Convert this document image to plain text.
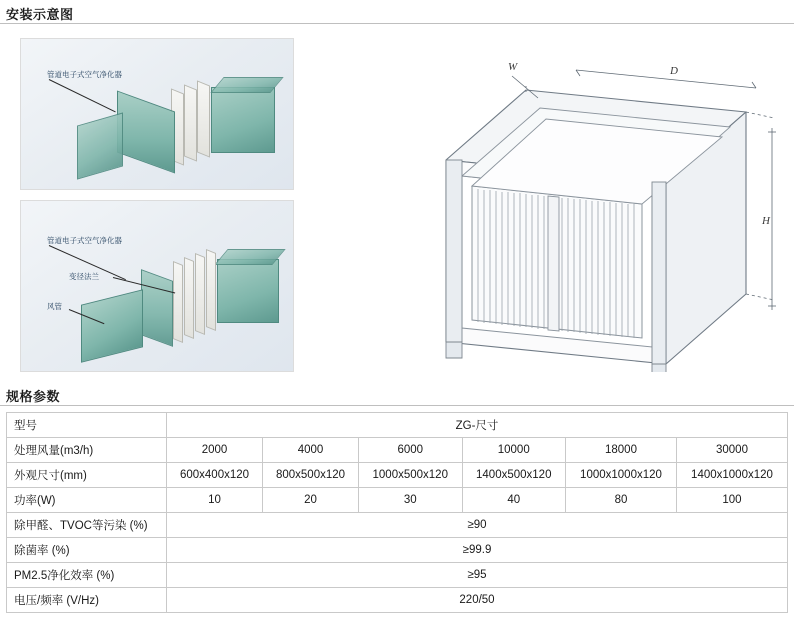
安装示意图
管道电子式空气净化器
管道电子式空气净化器
变径法兰
风管
W	D
H
规格参数
型号	ZG-尺寸					
处理风量(m3/h)	2000	4000	6000	10000	18000	30000
外观尺寸(mm)	600x400x120	800x500x120	1000x500x120	1400x500x120	1000x1000x120	1400x1000x120
功率(W)	10	20	30	40	80	100
除甲醛、TVOC等污染 (%)	≥90					
除菌率 (%)	≥99.9					
PM2.5净化效率 (%)	≥95					
电压/频率 (V/Hz)	220/50					
